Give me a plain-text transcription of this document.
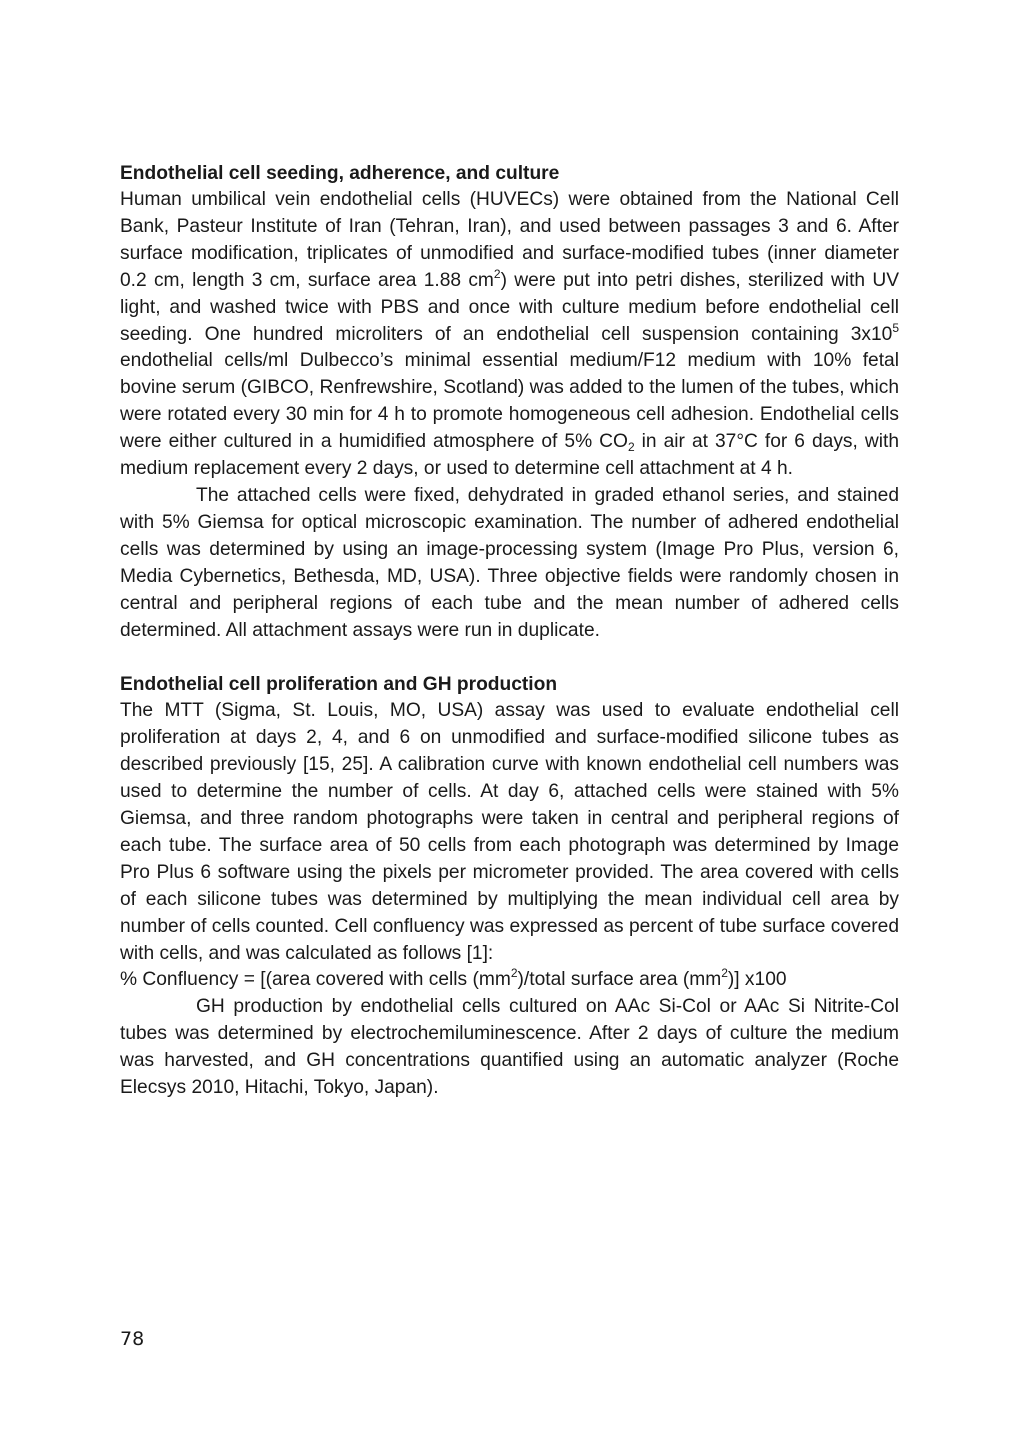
Endothelial cell seeding, adherence, and culture

Human umbilical vein endothelial cells (HUVECs) were obtained from the National Cell Bank, Pasteur Institute of Iran (Tehran, Iran), and used between passages 3 and 6. After surface modification, triplicates of unmodified and surface-modified tubes (inner diameter 0.2 cm, length 3 cm, surface area 1.88 $cm^2$) were put into petri dishes, sterilized with UV light, and washed twice with PBS and once with culture medium before endothelial cell seeding. One hundred microliters of an endothelial cell suspension containing $3x10^5$ endothelial cells/ml Dulbecco’s minimal essential medium/F12 medium with 10% fetal bovine serum (GIBCO, Renfrewshire, Scotland) was added to the lumen of the tubes, which were rotated every 30 min for 4 h to promote homogeneous cell adhesion. Endothelial cells were either cultured in a humidified atmosphere of 5% $CO_2$ in air at 37°C for 6 days, with medium replacement every 2 days, or used to determine cell attachment at 4 h.

The attached cells were fixed, dehydrated in graded ethanol series, and stained with 5% Giemsa for optical microscopic examination. The number of adhered endothelial cells was determined by using an image-processing system (Image Pro Plus, version 6, Media Cybernetics, Bethesda, MD, USA). Three objective fields were randomly chosen in central and peripheral regions of each tube and the mean number of adhered cells determined. All attachment assays were run in duplicate.

Endothelial cell proliferation and GH production

The MTT (Sigma, St. Louis, MO, USA) assay was used to evaluate endothelial cell proliferation at days 2, 4, and 6 on unmodified and surface-modified silicone tubes as described previously [15, 25]. A calibration curve with known endothelial cell numbers was used to determine the number of cells. At day 6, attached cells were stained with 5% Giemsa, and three random photographs were taken in central and peripheral regions of each tube. The surface area of 50 cells from each photograph was determined by Image Pro Plus 6 software using the pixels per micrometer provided. The area covered with cells of each silicone tubes was determined by multiplying the mean individual cell area by number of cells counted. Cell confluency was expressed as percent of tube surface covered with cells, and was calculated as follows [1]:

% Confluency = [(area covered with cells $(mm^2)$/total surface area $(mm^2)$] x100

GH production by endothelial cells cultured on AAc Si-Col or AAc Si Nitrite-Col tubes was determined by electrochemiluminescence. After 2 days of culture the medium was harvested, and GH concentrations quantified using an automatic analyzer (Roche Elecsys 2010, Hitachi, Tokyo, Japan).

78
